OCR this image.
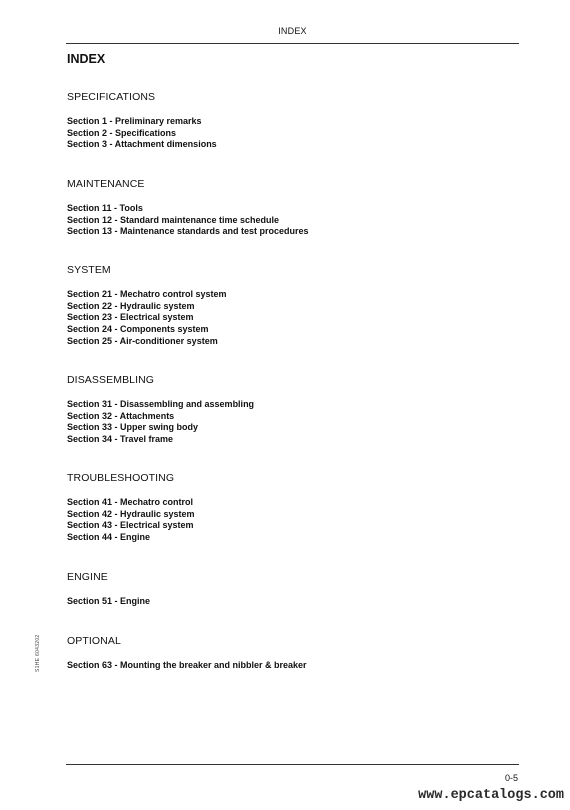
INDEX
INDEX
SPECIFICATIONS
Section 1 - Preliminary remarks
Section 2 - Specifications
Section 3 - Attachment dimensions
MAINTENANCE
Section 11 - Tools
Section 12 - Standard maintenance time schedule
Section 13 - Maintenance standards and test procedures
SYSTEM
Section 21 - Mechatro control system
Section 22 - Hydraulic system
Section 23 - Electrical system
Section 24 - Components system
Section 25 - Air-conditioner system
DISASSEMBLING
Section 31 - Disassembling and assembling
Section 32 - Attachments
Section 33 - Upper swing body
Section 34 - Travel frame
TROUBLESHOOTING
Section 41 - Mechatro control
Section 42 - Hydraulic system
Section 43 - Electrical system
Section 44 - Engine
ENGINE
Section 51 - Engine
OPTIONAL
Section 63 - Mounting the breaker and nibbler & breaker
S1HE 6043202
0-5
www.epcatalogs.com
